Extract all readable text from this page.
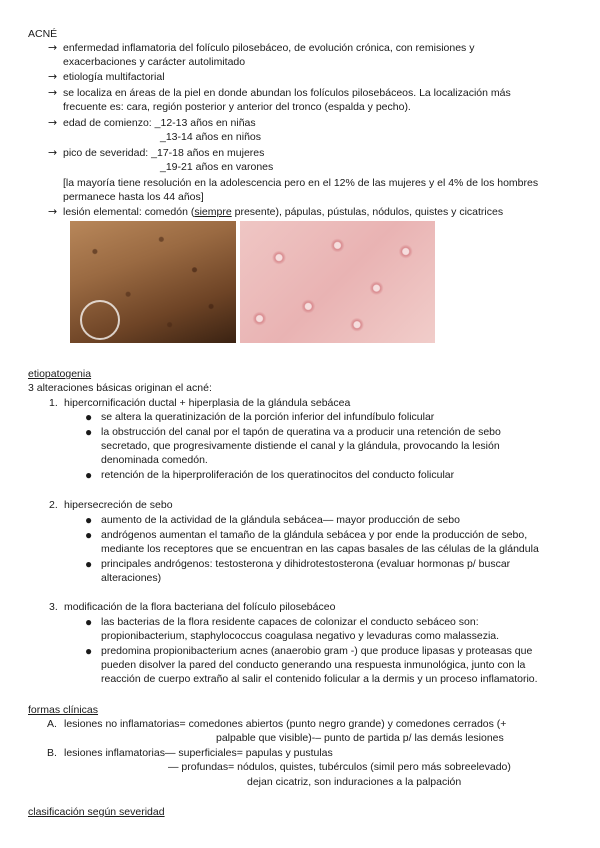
ACNÉ
→ enfermedad inflamatoria del folículo pilosebáceo, de evolución crónica, con remisiones y
exacerbaciones y carácter autolimitado
→ etiología multifactorial
→ se localiza en áreas de la piel en donde abundan los folículos pilosebáceos. La localización más
frecuente es: cara, región posterior y anterior del tronco (espalda y pecho).
→ edad de comienzo: _12-13 años en niñas
_13-14 años en niños
→ pico de severidad: _17-18 años en mujeres
_19-21 años en varones
[la mayoría tiene resolución en la adolescencia pero en el 12% de las mujeres y el 4% de los hombres
permanece hasta los 44 años]
→ lesión elemental: comedón (siempre presente), pápulas, pústulas, nódulos, quistes y cicatrices
etiopatogenia
3 alteraciones básicas originan el acné:
1. hipercornificación ductal + hiperplasia de la glándula sebácea
● se altera la queratinización de la porción inferior del infundíbulo folicular
● la obstrucción del canal por el tapón de queratina va a producir una retención de sebo
secretado, que progresivamente distiende el canal y la glándula, provocando la lesión
denominada comedón.
● retención de la hiperproliferación de los queratinocitos del conducto folicular
2. hipersecreción de sebo
● aumento de la actividad de la glándula sebácea— mayor producción de sebo
● andrógenos aumentan el tamaño de la glándula sebácea y por ende la producción de sebo,
mediante los receptores que se encuentran en las capas basales de las células de la glándula
● principales andrógenos: testosterona y dihidrotestosterona (evaluar hormonas p/ buscar
alteraciones)
3. modificación de la flora bacteriana del folículo pilosebáceo
● las bacterias de la flora residente capaces de colonizar el conducto sebáceo son:
propionibacterium, staphylococcus coagulasa negativo y levaduras como malassezia.
● predomina propionibacterium acnes (anaerobio gram -) que produce lipasas y proteasas que
pueden disolver la pared del conducto generando una respuesta inmunológica, junto con la
reacción de cuerpo extraño al salir el contenido folicular a la dermis y un proceso inflamatorio.
formas clínicas
A. lesiones no inflamatorias= comedones abiertos (punto negro grande) y comedones cerrados (+
palpable que visible)-– punto de partida p/ las demás lesiones
B. lesiones inflamatorias— superficiales= papulas y pustulas
— profundas= nódulos, quistes, tubérculos (simil pero más sobreelevado)
dejan cicatriz, son induraciones a la palpación
clasificación según severidad
